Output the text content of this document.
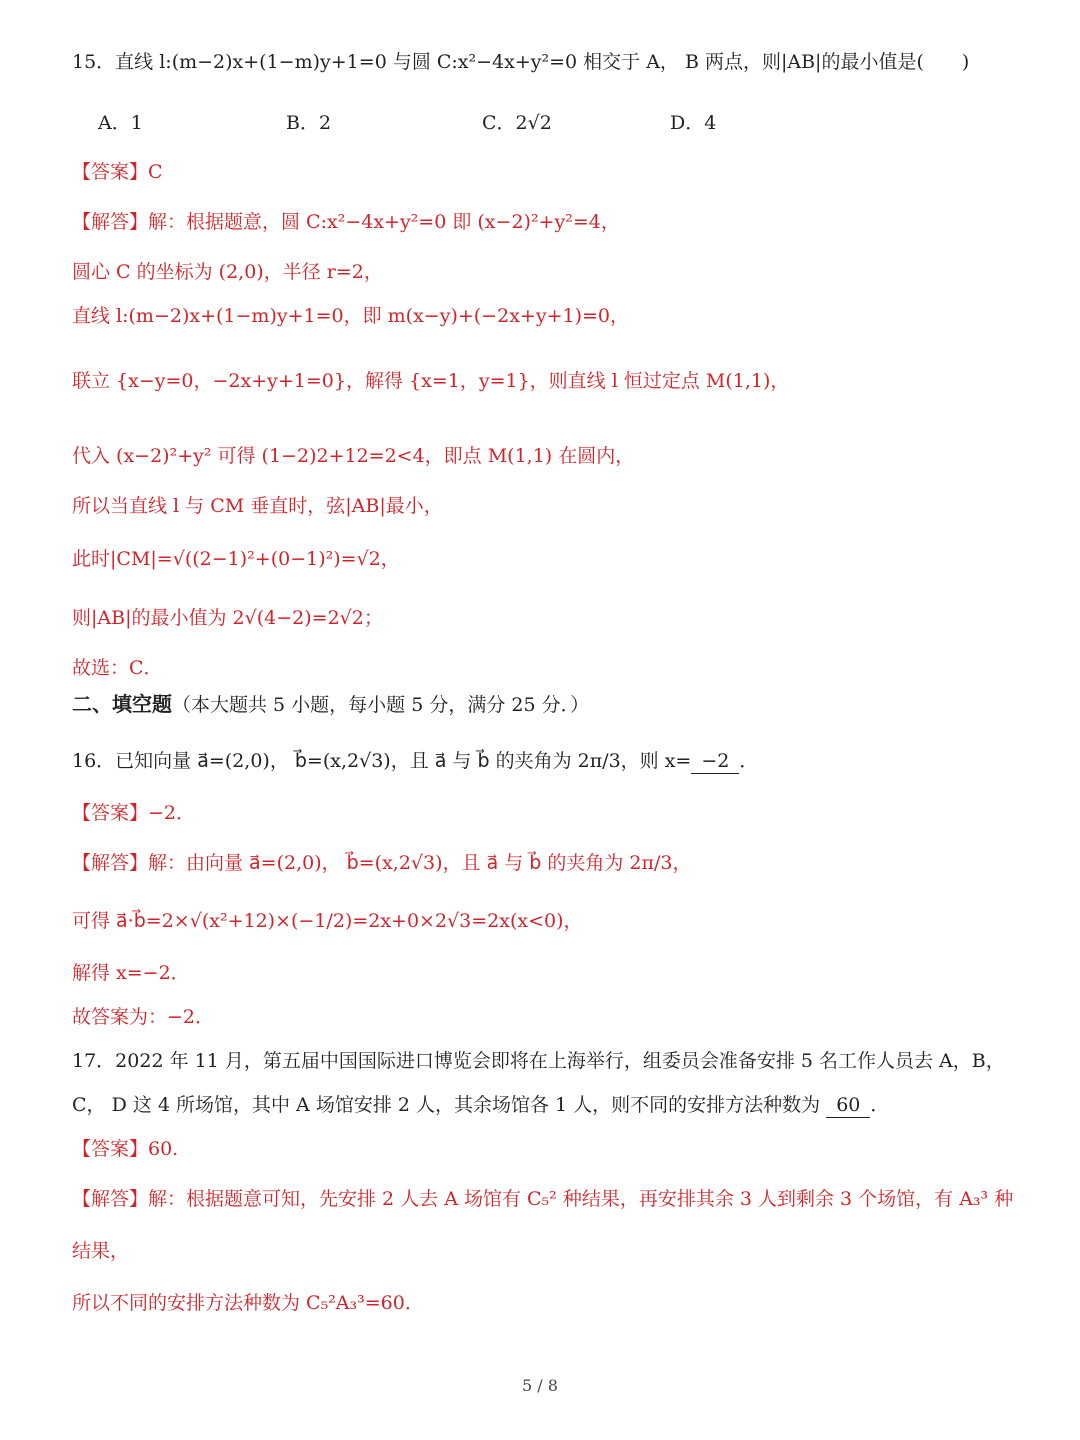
15．直线 l:(m−2)x+(1−m)y+1=0 与圆 C:x²−4x+y²=0 相交于 A， B 两点，则|AB|的最小值是(　　)
A．1	B．2	C．2√2	D．4
【答案】C
【解答】解：根据题意，圆 C:x²−4x+y²=0 即 (x−2)²+y²=4，
圆心 C 的坐标为 (2,0)，半径 r=2，
直线 l:(m−2)x+(1−m)y+1=0，即 m(x−y)+(−2x+y+1)=0，
联立 {x−y=0，−2x+y+1=0}，解得 {x=1，y=1}，则直线 l 恒过定点 M(1,1)，
代入 (x−2)²+y² 可得 (1−2)2+12=2<4，即点 M(1,1) 在圆内，
所以当直线 l 与 CM 垂直时，弦|AB|最小，
此时|CM|=√((2−1)²+(0−1)²)=√2，
则|AB|的最小值为 2√(4−2)=2√2；
故选：C．
二、填空题（本大题共 5 小题，每小题 5 分，满分 25 分．）
16．已知向量 a⃗=(2,0)， b⃗=(x,2√3)，且 a⃗ 与 b⃗ 的夹角为 2π/3，则 x= −2 ．
【答案】−2．
【解答】解：由向量 a⃗=(2,0)， b⃗=(x,2√3)，且 a⃗ 与 b⃗ 的夹角为 2π/3，
可得 a⃗·b⃗=2×√(x²+12)×(−1/2)=2x+0×2√3=2x(x<0)，
解得 x=−2．
故答案为：−2．
17．2022 年 11 月，第五届中国国际进口博览会即将在上海举行，组委员会准备安排 5 名工作人员去 A，B，
C， D 这 4 所场馆，其中 A 场馆安排 2 人，其余场馆各 1 人，则不同的安排方法种数为 60 ．
【答案】60.
【解答】解：根据题意可知，先安排 2 人去 A 场馆有 C₅² 种结果，再安排其余 3 人到剩余 3 个场馆，有 A₃³ 种
结果，
所以不同的安排方法种数为 C₅²A₃³=60．
5 / 8
